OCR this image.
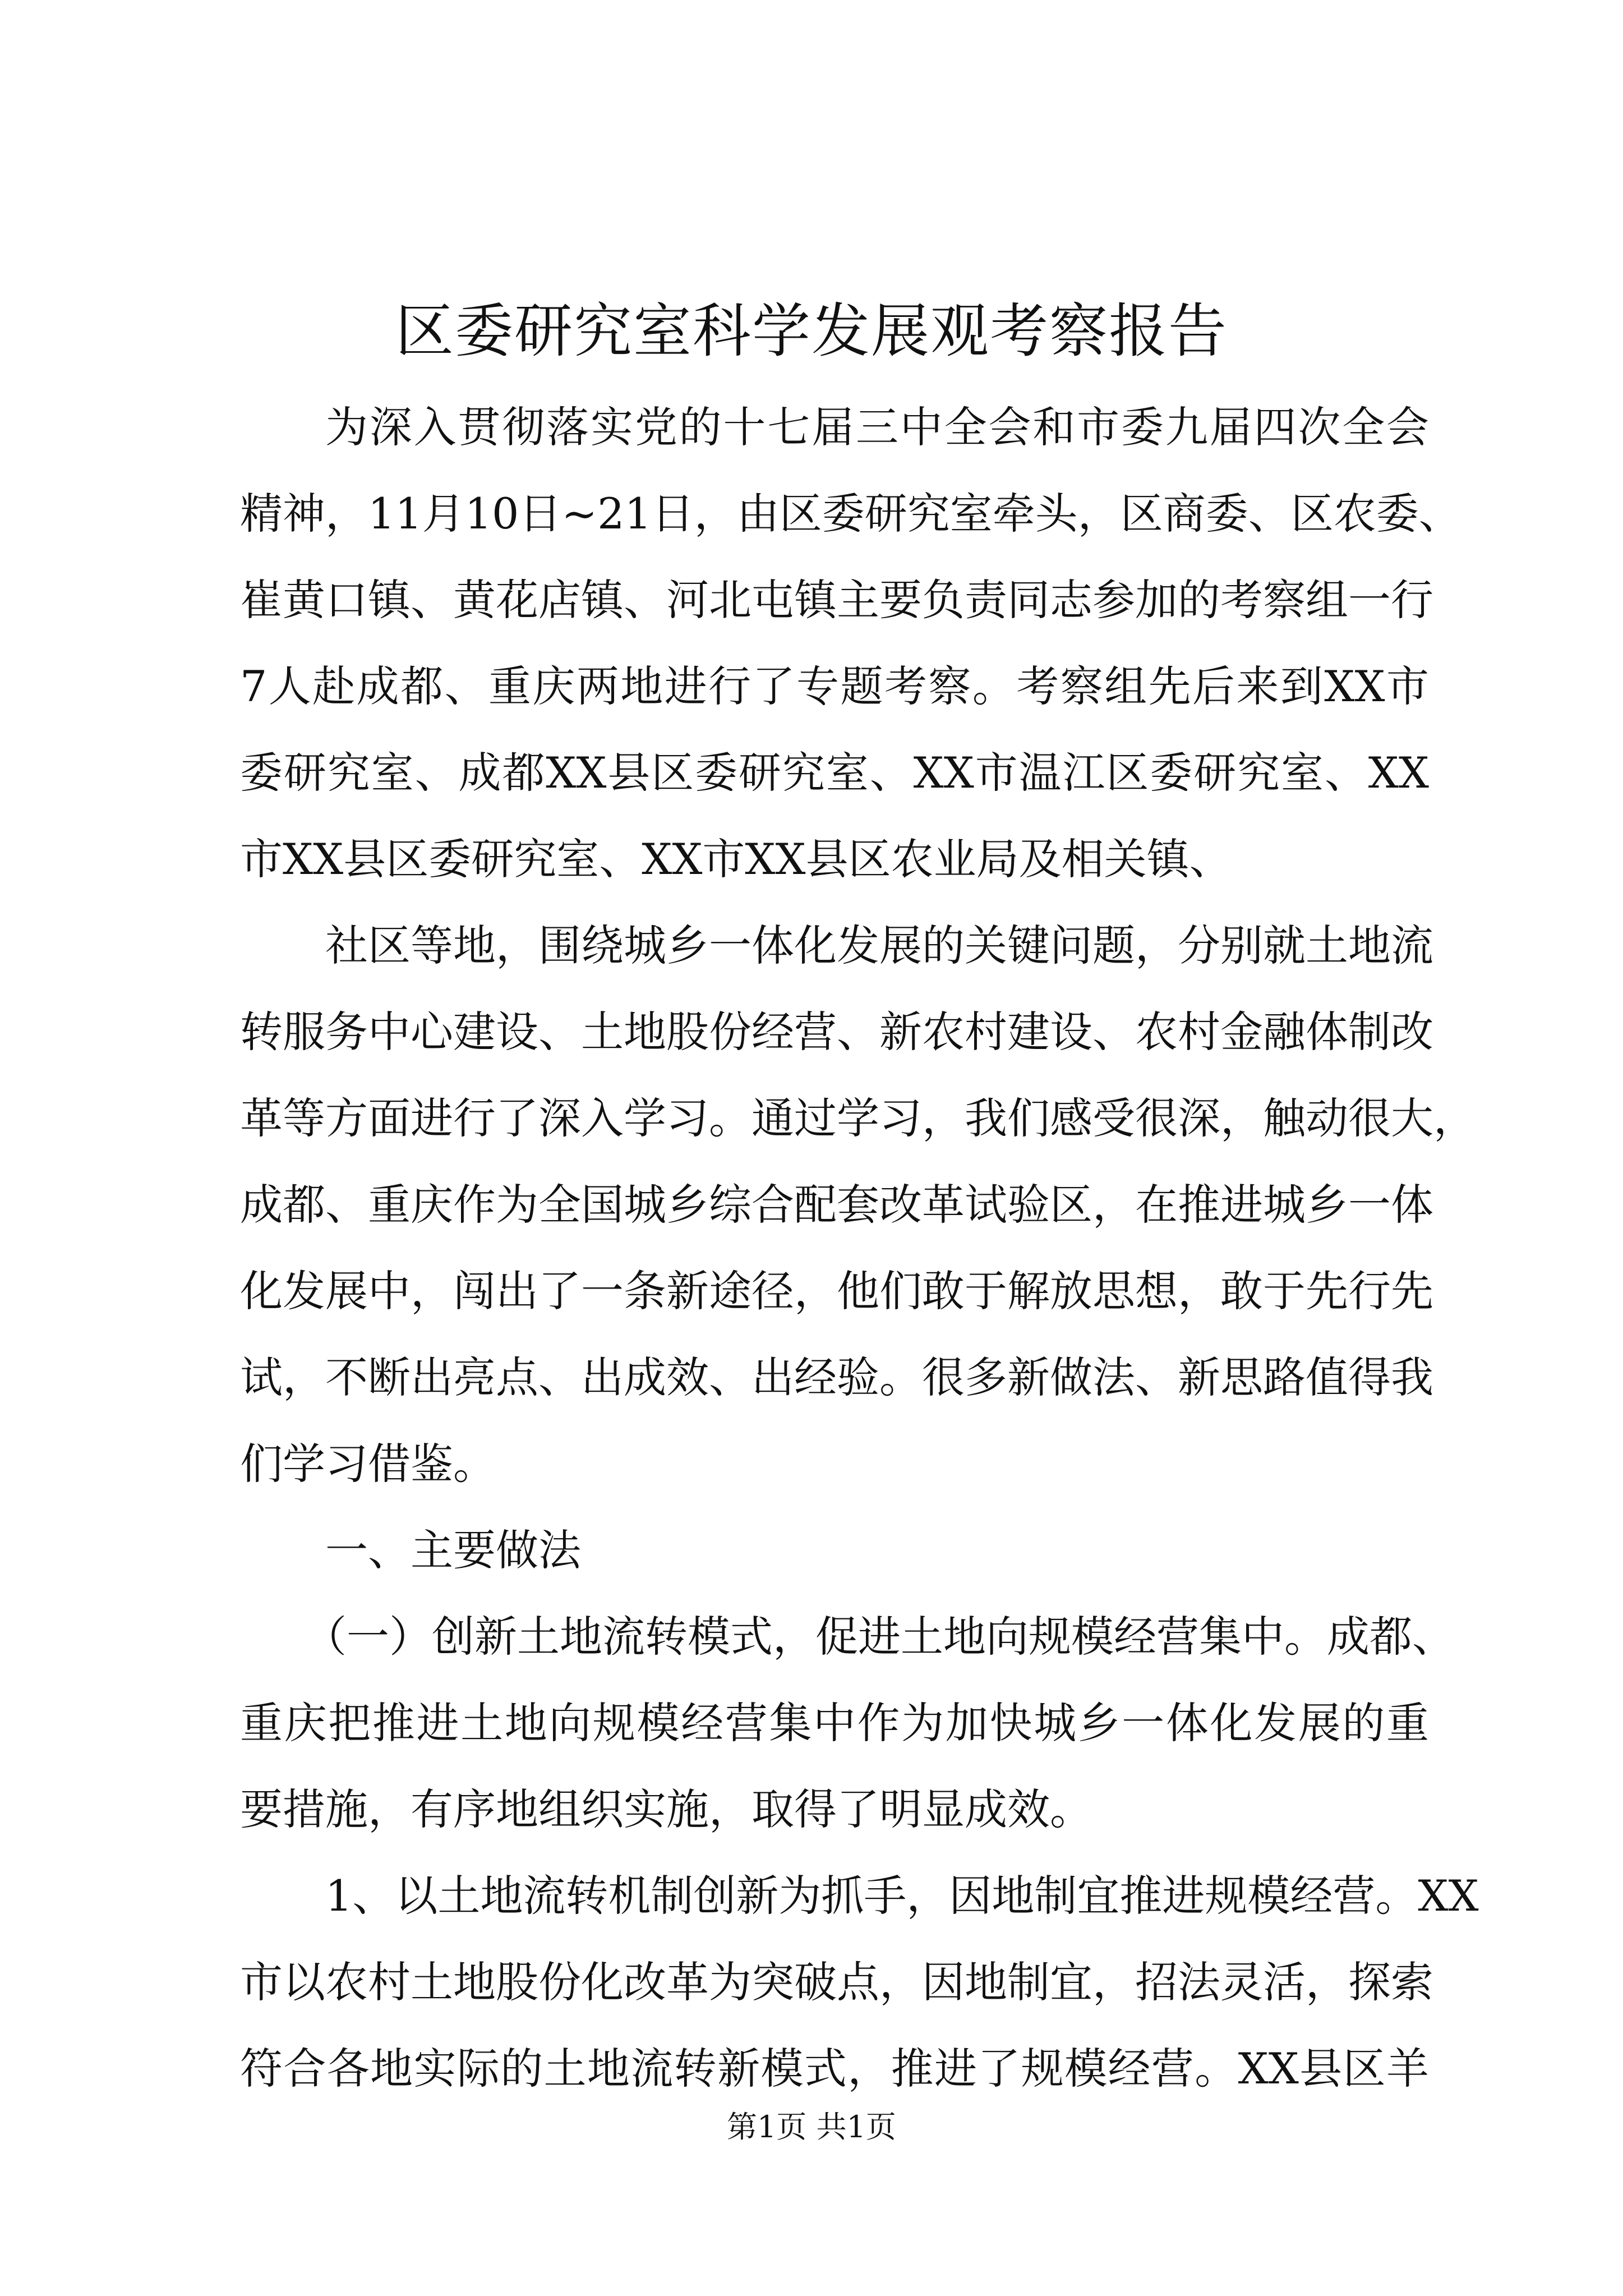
区委研究室科学发展观考察报告
为深入贯彻落实党的十七届三中全会和市委九届四次全会
精神，11月10日~21日，由区委研究室牵头，区商委、区农委、
崔黄口镇、黄花店镇、河北屯镇主要负责同志参加的考察组一行
7人赴成都、重庆两地进行了专题考察。考察组先后来到XX市
委研究室、成都XX县区委研究室、XX市温江区委研究室、XX
市XX县区委研究室、XX市XX县区农业局及相关镇、
社区等地，围绕城乡一体化发展的关键问题，分别就土地流
转服务中心建设、土地股份经营、新农村建设、农村金融体制改
革等方面进行了深入学习。通过学习，我们感受很深，触动很大，
成都、重庆作为全国城乡综合配套改革试验区，在推进城乡一体
化发展中，闯出了一条新途径，他们敢于解放思想，敢于先行先
试，不断出亮点、出成效、出经验。很多新做法、新思路值得我
们学习借鉴。
一、主要做法
（一）创新土地流转模式，促进土地向规模经营集中。成都、
重庆把推进土地向规模经营集中作为加快城乡一体化发展的重
要措施，有序地组织实施，取得了明显成效。
1、以土地流转机制创新为抓手，因地制宜推进规模经营。XX
市以农村土地股份化改革为突破点，因地制宜，招法灵活，探索
符合各地实际的土地流转新模式，推进了规模经营。XX县区羊
第1页 共1页
